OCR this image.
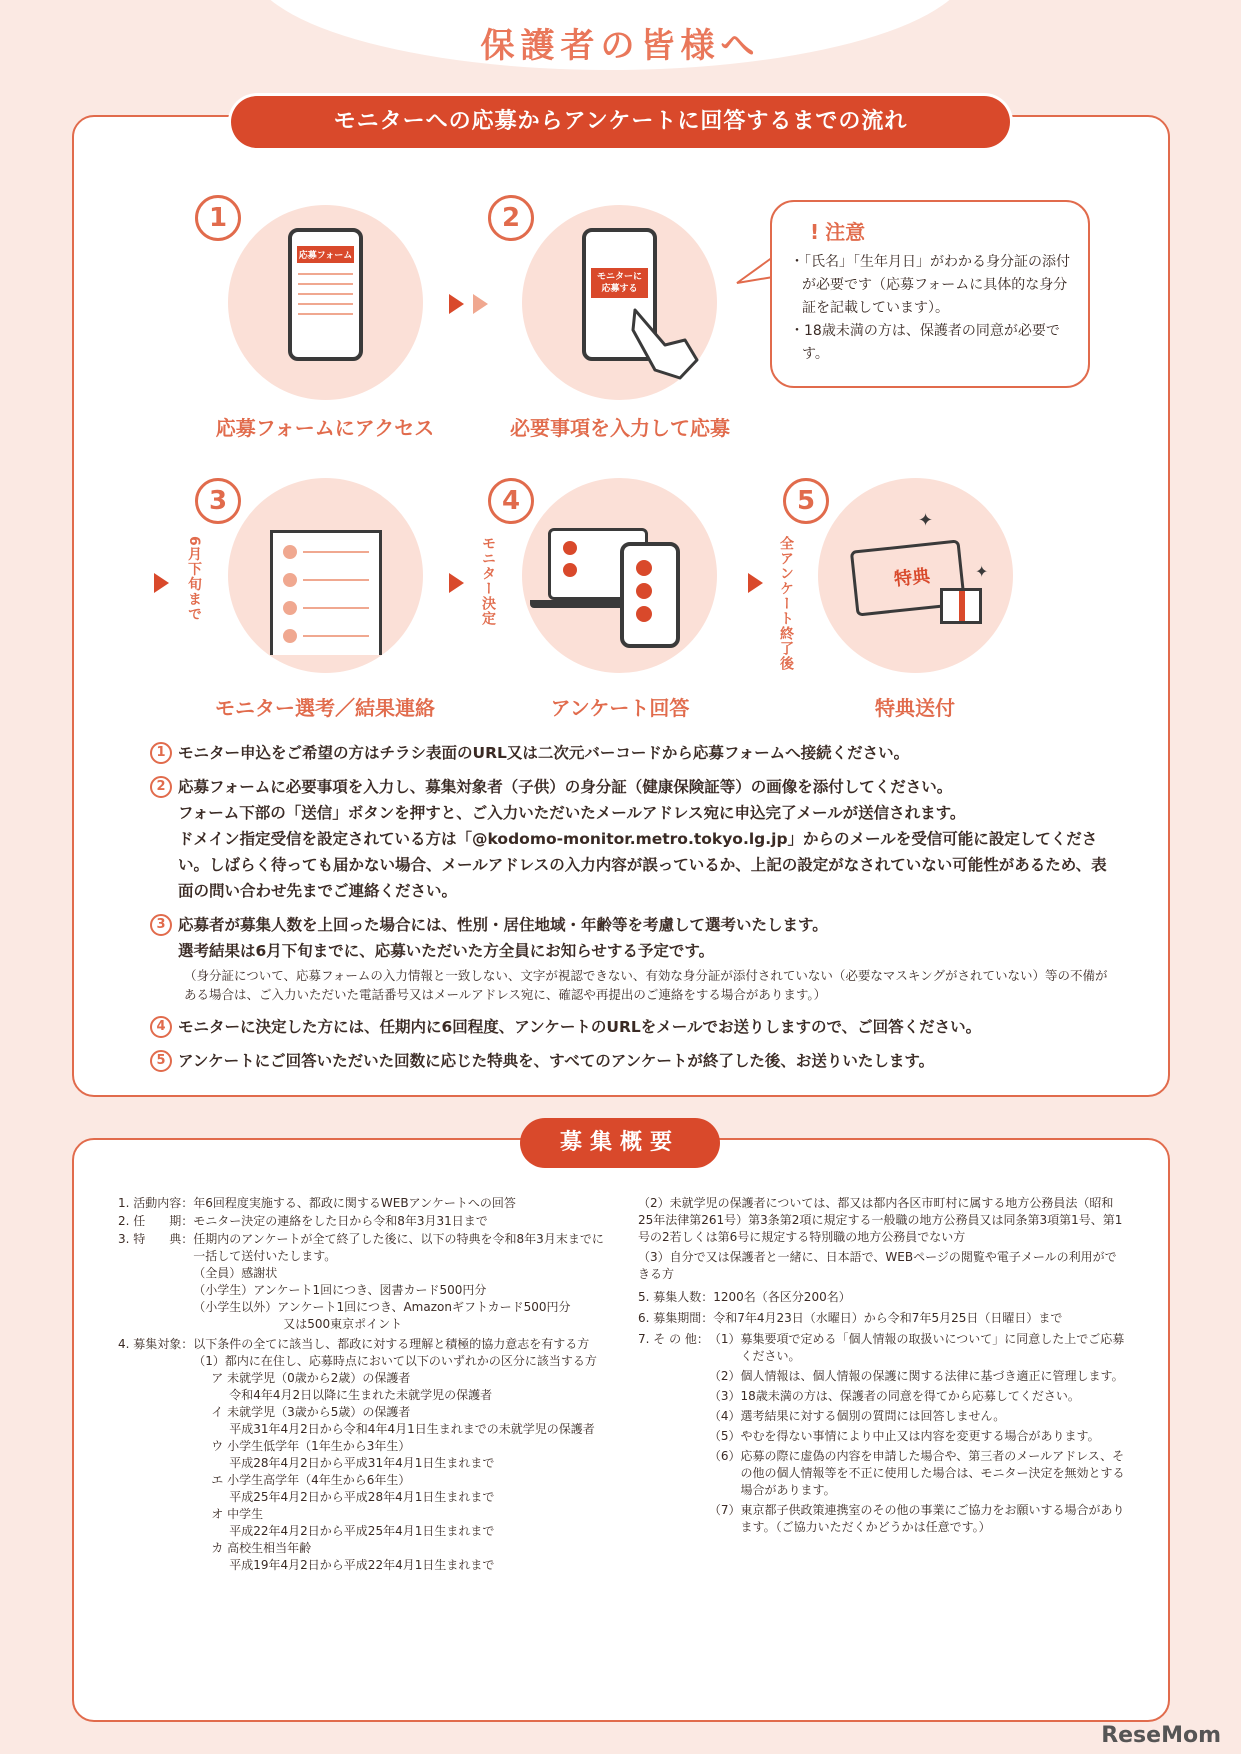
保護者の皆様へ
モニターへの応募からアンケートに回答するまでの流れ
1
応募フォーム
応募フォームにアクセス
2
モニターに
応募する
必要事項を入力して応募
! 注意
・ 「氏名」「生年月日」がわかる身分証の添付が必要です（応募フォームに具体的な身分証を記載しています）。
・ 18歳未満の方は、保護者の同意が必要です。
6月下旬まで
3
モニター選考／結果連絡
モニター決定
4
アンケート回答
全アンケート終了後
5
特典
✦
✦
特典送付
1 モニター申込をご希望の方はチラシ表面のURL又は二次元バーコードから応募フォームへ接続ください。
2 応募フォームに必要事項を入力し、募集対象者（子供）の身分証（健康保険証等）の画像を添付してください。
フォーム下部の「送信」ボタンを押すと、ご入力いただいたメールアドレス宛に申込完了メールが送信されます。
ドメイン指定受信を設定されている方は「@kodomo-monitor.metro.tokyo.lg.jp」からのメールを受信可能に設定してください。しばらく待っても届かない場合、メールアドレスの入力内容が誤っているか、上記の設定がなされていない可能性があるため、表面の問い合わせ先までご連絡ください。
3 応募者が募集人数を上回った場合には、性別・居住地域・年齢等を考慮して選考いたします。
選考結果は6月下旬までに、応募いただいた方全員にお知らせする予定です。
（身分証について、応募フォームの入力情報と一致しない、文字が視認できない、有効な身分証が添付されていない（必要なマスキングがされていない）等の不備がある場合は、ご入力いただいた電話番号又はメールアドレス宛に、確認や再提出のご連絡をする場合があります。）
4 モニターに決定した方には、任期内に6回程度、アンケートのURLをメールでお送りしますので、ご回答ください。
5 アンケートにご回答いただいた回数に応じた特典を、すべてのアンケートが終了した後、お送りいたします。
募集概要
1. 活動内容： 年6回程度実施する、都政に関するWEBアンケートへの回答
2. 任　　期： モニター決定の連絡をした日から令和8年3月31日まで
3. 特　　典： 任期内のアンケートが全て終了した後に、以下の特典を令和8年3月末までに一括して送付いたします。
（全員）感謝状
（小学生）アンケート1回につき、図書カード500円分
（小学生以外）アンケート1回につき、Amazonギフトカード500円分
又は500東京ポイント
4. 募集対象： 以下条件の全てに該当し、都政に対する理解と積極的協力意志を有する方
（1）都内に在住し、応募時点において以下のいずれかの区分に該当する方
ア 未就学児（0歳から2歳）の保護者
令和4年4月2日以降に生まれた未就学児の保護者
イ 未就学児（3歳から5歳）の保護者
平成31年4月2日から令和4年4月1日生まれまでの未就学児の保護者
ウ 小学生低学年（1年生から3年生）
平成28年4月2日から平成31年4月1日生まれまで
エ 小学生高学年（4年生から6年生）
平成25年4月2日から平成28年4月1日生まれまで
オ 中学生
平成22年4月2日から平成25年4月1日生まれまで
カ 高校生相当年齢
平成19年4月2日から平成22年4月1日生まれまで
（2）未就学児の保護者については、都又は都内各区市町村に属する地方公務員法（昭和25年法律第261号）第3条第2項に規定する一般職の地方公務員又は同条第3項第1号、第1号の2若しくは第6号に規定する特別職の地方公務員でない方
（3）自分で又は保護者と一緒に、日本語で、WEBページの閲覧や電子メールの利用ができる方
5. 募集人数： 1200名（各区分200名）
6. 募集期間： 令和7年4月23日（水曜日）から令和7年5月25日（日曜日）まで
7. そ の 他： （1） 募集要項で定める「個人情報の取扱いについて」に同意した上でご応募ください。
（2） 個人情報は、個人情報の保護に関する法律に基づき適正に管理します。
（3） 18歳未満の方は、保護者の同意を得てから応募してください。
（4） 選考結果に対する個別の質問には回答しません。
（5） やむを得ない事情により中止又は内容を変更する場合があります。
（6） 応募の際に虚偽の内容を申請した場合や、第三者のメールアドレス、その他の個人情報等を不正に使用した場合は、モニター決定を無効とする場合があります。
（7） 東京都子供政策連携室のその他の事業にご協力をお願いする場合があります。（ご協力いただくかどうかは任意です。）
ReseMom
